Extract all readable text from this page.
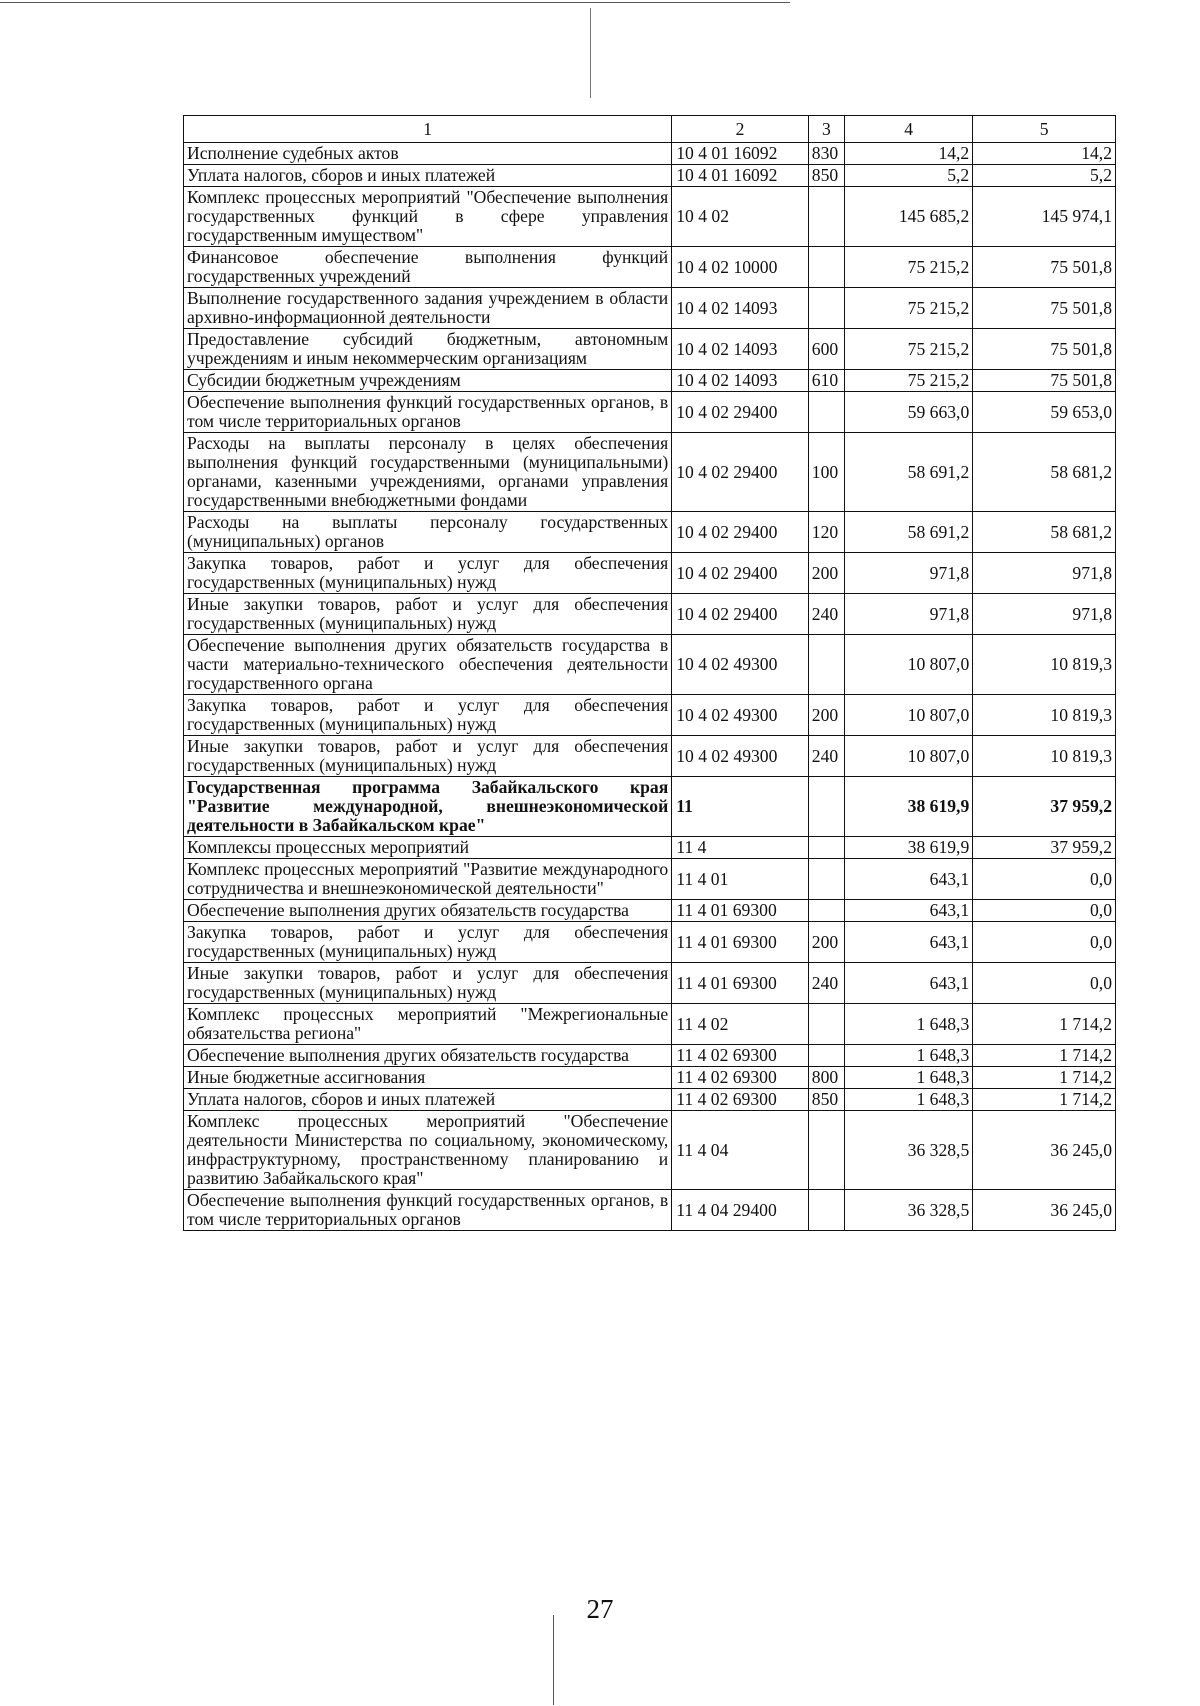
1	2	3	4	5
Исполнение судебных актов	10 4 01 16092	830	14,2	14,2
Уплата налогов, сборов и иных платежей	10 4 01 16092	850	5,2	5,2
Комплекс процессных мероприятий "Обеспечение выполнения государственных функций в сфере управления государственным имуществом"	10 4 02		145 685,2	145 974,1
Финансовое обеспечение выполнения функций государственных учреждений	10 4 02 10000		75 215,2	75 501,8
Выполнение государственного задания учреждением в области архивно-информационной деятельности	10 4 02 14093		75 215,2	75 501,8
Предоставление субсидий бюджетным, автономным учреждениям и иным некоммерческим организациям	10 4 02 14093	600	75 215,2	75 501,8
Субсидии бюджетным учреждениям	10 4 02 14093	610	75 215,2	75 501,8
Обеспечение выполнения функций государственных органов, в том числе территориальных органов	10 4 02 29400		59 663,0	59 653,0
Расходы на выплаты персоналу в целях обеспечения выполнения функций государственными (муниципальными) органами, казенными учреждениями, органами управления государственными внебюджетными фондами	10 4 02 29400	100	58 691,2	58 681,2
Расходы на выплаты персоналу государственных (муниципальных) органов	10 4 02 29400	120	58 691,2	58 681,2
Закупка товаров, работ и услуг для обеспечения государственных (муниципальных) нужд	10 4 02 29400	200	971,8	971,8
Иные закупки товаров, работ и услуг для обеспечения государственных (муниципальных) нужд	10 4 02 29400	240	971,8	971,8
Обеспечение выполнения других обязательств государства в части материально-технического обеспечения деятельности государственного органа	10 4 02 49300		10 807,0	10 819,3
Закупка товаров, работ и услуг для обеспечения государственных (муниципальных) нужд	10 4 02 49300	200	10 807,0	10 819,3
Иные закупки товаров, работ и услуг для обеспечения государственных (муниципальных) нужд	10 4 02 49300	240	10 807,0	10 819,3
Государственная программа Забайкальского края "Развитие международной, внешнеэкономической деятельности в Забайкальском крае"	11		38 619,9	37 959,2
Комплексы процессных мероприятий	11 4		38 619,9	37 959,2
Комплекс процессных мероприятий "Развитие международного сотрудничества и внешнеэкономической деятельности"	11 4 01		643,1	0,0
Обеспечение выполнения других обязательств государства	11 4 01 69300		643,1	0,0
Закупка товаров, работ и услуг для обеспечения государственных (муниципальных) нужд	11 4 01 69300	200	643,1	0,0
Иные закупки товаров, работ и услуг для обеспечения государственных (муниципальных) нужд	11 4 01 69300	240	643,1	0,0
Комплекс процессных мероприятий "Межрегиональные обязательства региона"	11 4 02		1 648,3	1 714,2
Обеспечение выполнения других обязательств государства	11 4 02 69300		1 648,3	1 714,2
Иные бюджетные ассигнования	11 4 02 69300	800	1 648,3	1 714,2
Уплата налогов, сборов и иных платежей	11 4 02 69300	850	1 648,3	1 714,2
Комплекс процессных мероприятий "Обеспечение деятельности Министерства по социальному, экономическому, инфраструктурному, пространственному планированию и развитию Забайкальского края"	11 4 04		36 328,5	36 245,0
Обеспечение выполнения функций государственных органов, в том числе территориальных органов	11 4 04 29400		36 328,5	36 245,0
27
